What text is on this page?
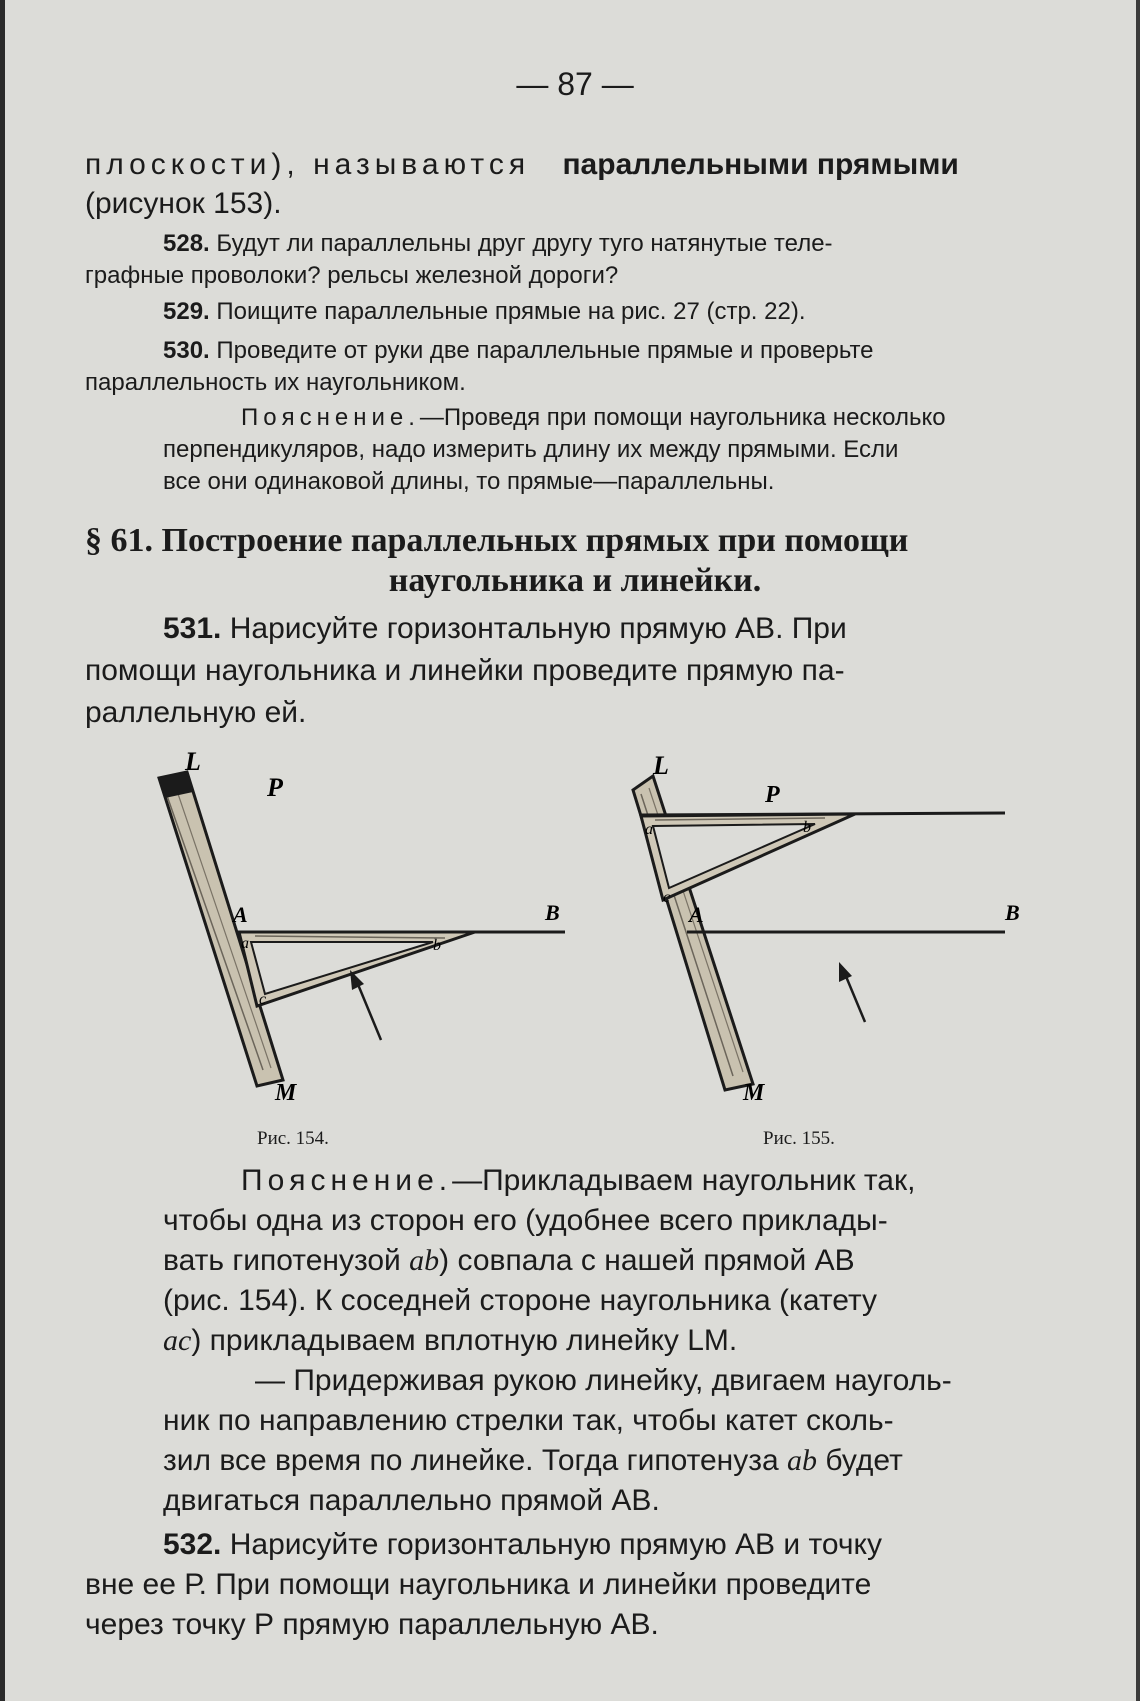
— 87 —
плоскости), называются параллельными прямыми
(рисунок 153).
528. Будут ли параллельны друг другу туго натянутые теле-
графные проволоки? рельсы железной дороги?
529. Поищите параллельные прямые на рис. 27 (стр. 22).
530. Проведите от руки две параллельные прямые и проверьте
параллельность их наугольником.
Пояснение.—Проведя при помощи наугольника несколько
перпендикуляров, надо измерить длину их между прямыми. Если
все они одинаковой длины, то прямые—параллельны.
§ 61. Построение параллельных прямых при помощи
наугольника и линейки.
531. Нарисуйте горизонтальную прямую АВ. При
помощи наугольника и линейки проведите прямую па-
раллельную ей.
L
P
A	B
M
a	b
c
L
P
A	B
M
a	b
c
Рис. 154.	Рис. 155.
Пояснение.—Прикладываем наугольник так,
чтобы одна из сторон его (удобнее всего приклады-
вать гипотенузой ab) совпала с нашей прямой АВ
(рис. 154). К соседней стороне наугольника (катету
ac) прикладываем вплотную линейку LM.
— Придерживая рукою линейку, двигаем науголь-
ник по направлению стрелки так, чтобы катет сколь-
зил все время по линейке. Тогда гипотенуза ab будет
двигаться параллельно прямой АВ.
532. Нарисуйте горизонтальную прямую АВ и точку
вне ее Р. При помощи наугольника и линейки проведите
через точку Р прямую параллельную АВ.
